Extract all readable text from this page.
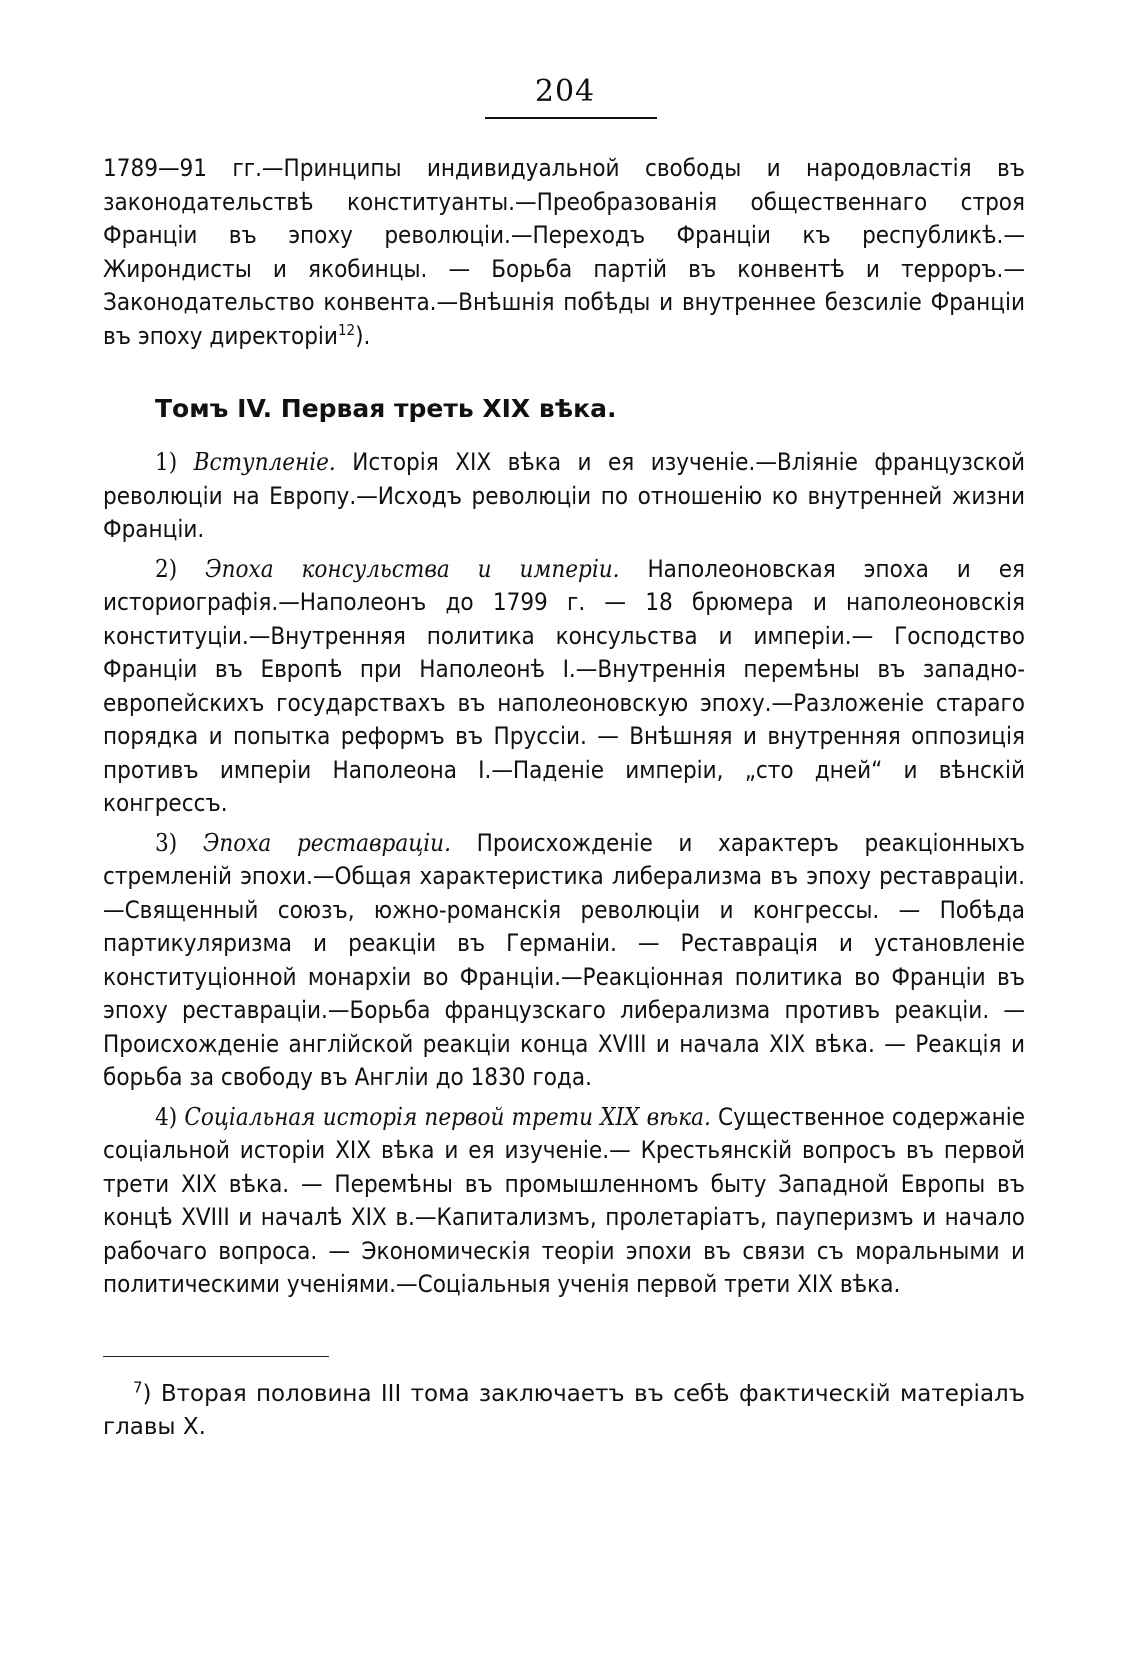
204

1789—91 гг.—Принципы индивидуальной свободы и народовластія въ законодательствѣ конституанты.—Преобразованія общественнаго строя Франціи въ эпоху революціи.—Переходъ Франціи къ республикѣ.—Жирондисты и якобинцы. — Борьба партій въ конвентѣ и терроръ.—Законодательство конвента.—Внѣшнія побѣды и внутреннее безсиліе Франціи въ эпоху директоріи$^{12}$).

Томъ IV. Первая треть XIX вѣка.

1) Вступленіе. Исторія XIX вѣка и ея изученіе.—Вліяніе французской революціи на Европу.—Исходъ революціи по отношенію ко внутренней жизни Франціи.

2) Эпоха консульства и имперіи. Наполеоновская эпоха и ея историографія.—Наполеонъ до 1799 г. — 18 брюмера и наполеоновскія конституціи.—Внутренняя политика консульства и имперіи.— Господство Франціи въ Европѣ при Наполеонѣ I.—Внутреннія перемѣны въ западно-европейскихъ государствахъ въ наполеоновскую эпоху.—Разложеніе стараго порядка и попытка реформъ въ Пруссіи. — Внѣшняя и внутренняя оппозиція противъ имперіи Наполеона I.—Паденіе имперіи, „сто дней“ и вѣнскій конгрессъ.

3) Эпоха реставраціи. Происхожденіе и характеръ реакціонныхъ стремленій эпохи.—Общая характеристика либерализма въ эпоху реставраціи.—Священный союзъ, южно-романскія революціи и конгрессы. — Побѣда партикуляризма и реакціи въ Германіи. — Реставрація и установленіе конституціонной монархіи во Франціи.—Реакціонная политика во Франціи въ эпоху реставраціи.—Борьба французскаго либерализма противъ реакціи. — Происхожденіе англійской реакціи конца XVIII и начала XIX вѣка. — Реакція и борьба за свободу въ Англіи до 1830 года.

4) Соціальная исторія первой трети XIX вѣка. Существенное содержаніе соціальной исторіи XIX вѣка и ея изученіе.— Крестьянскій вопросъ въ первой трети XIX вѣка. — Перемѣны въ промышленномъ быту Западной Европы въ концѣ XVIII и началѣ XIX в.—Капитализмъ, пролетаріатъ, пауперизмъ и начало рабочаго вопроса. — Экономическія теоріи эпохи въ связи съ моральными и политическими ученіями.—Соціальныя ученія первой трети XIX вѣка.

$^7$) Вторая половина III тома заключаетъ въ себѣ фактическій матеріалъ главы X.
